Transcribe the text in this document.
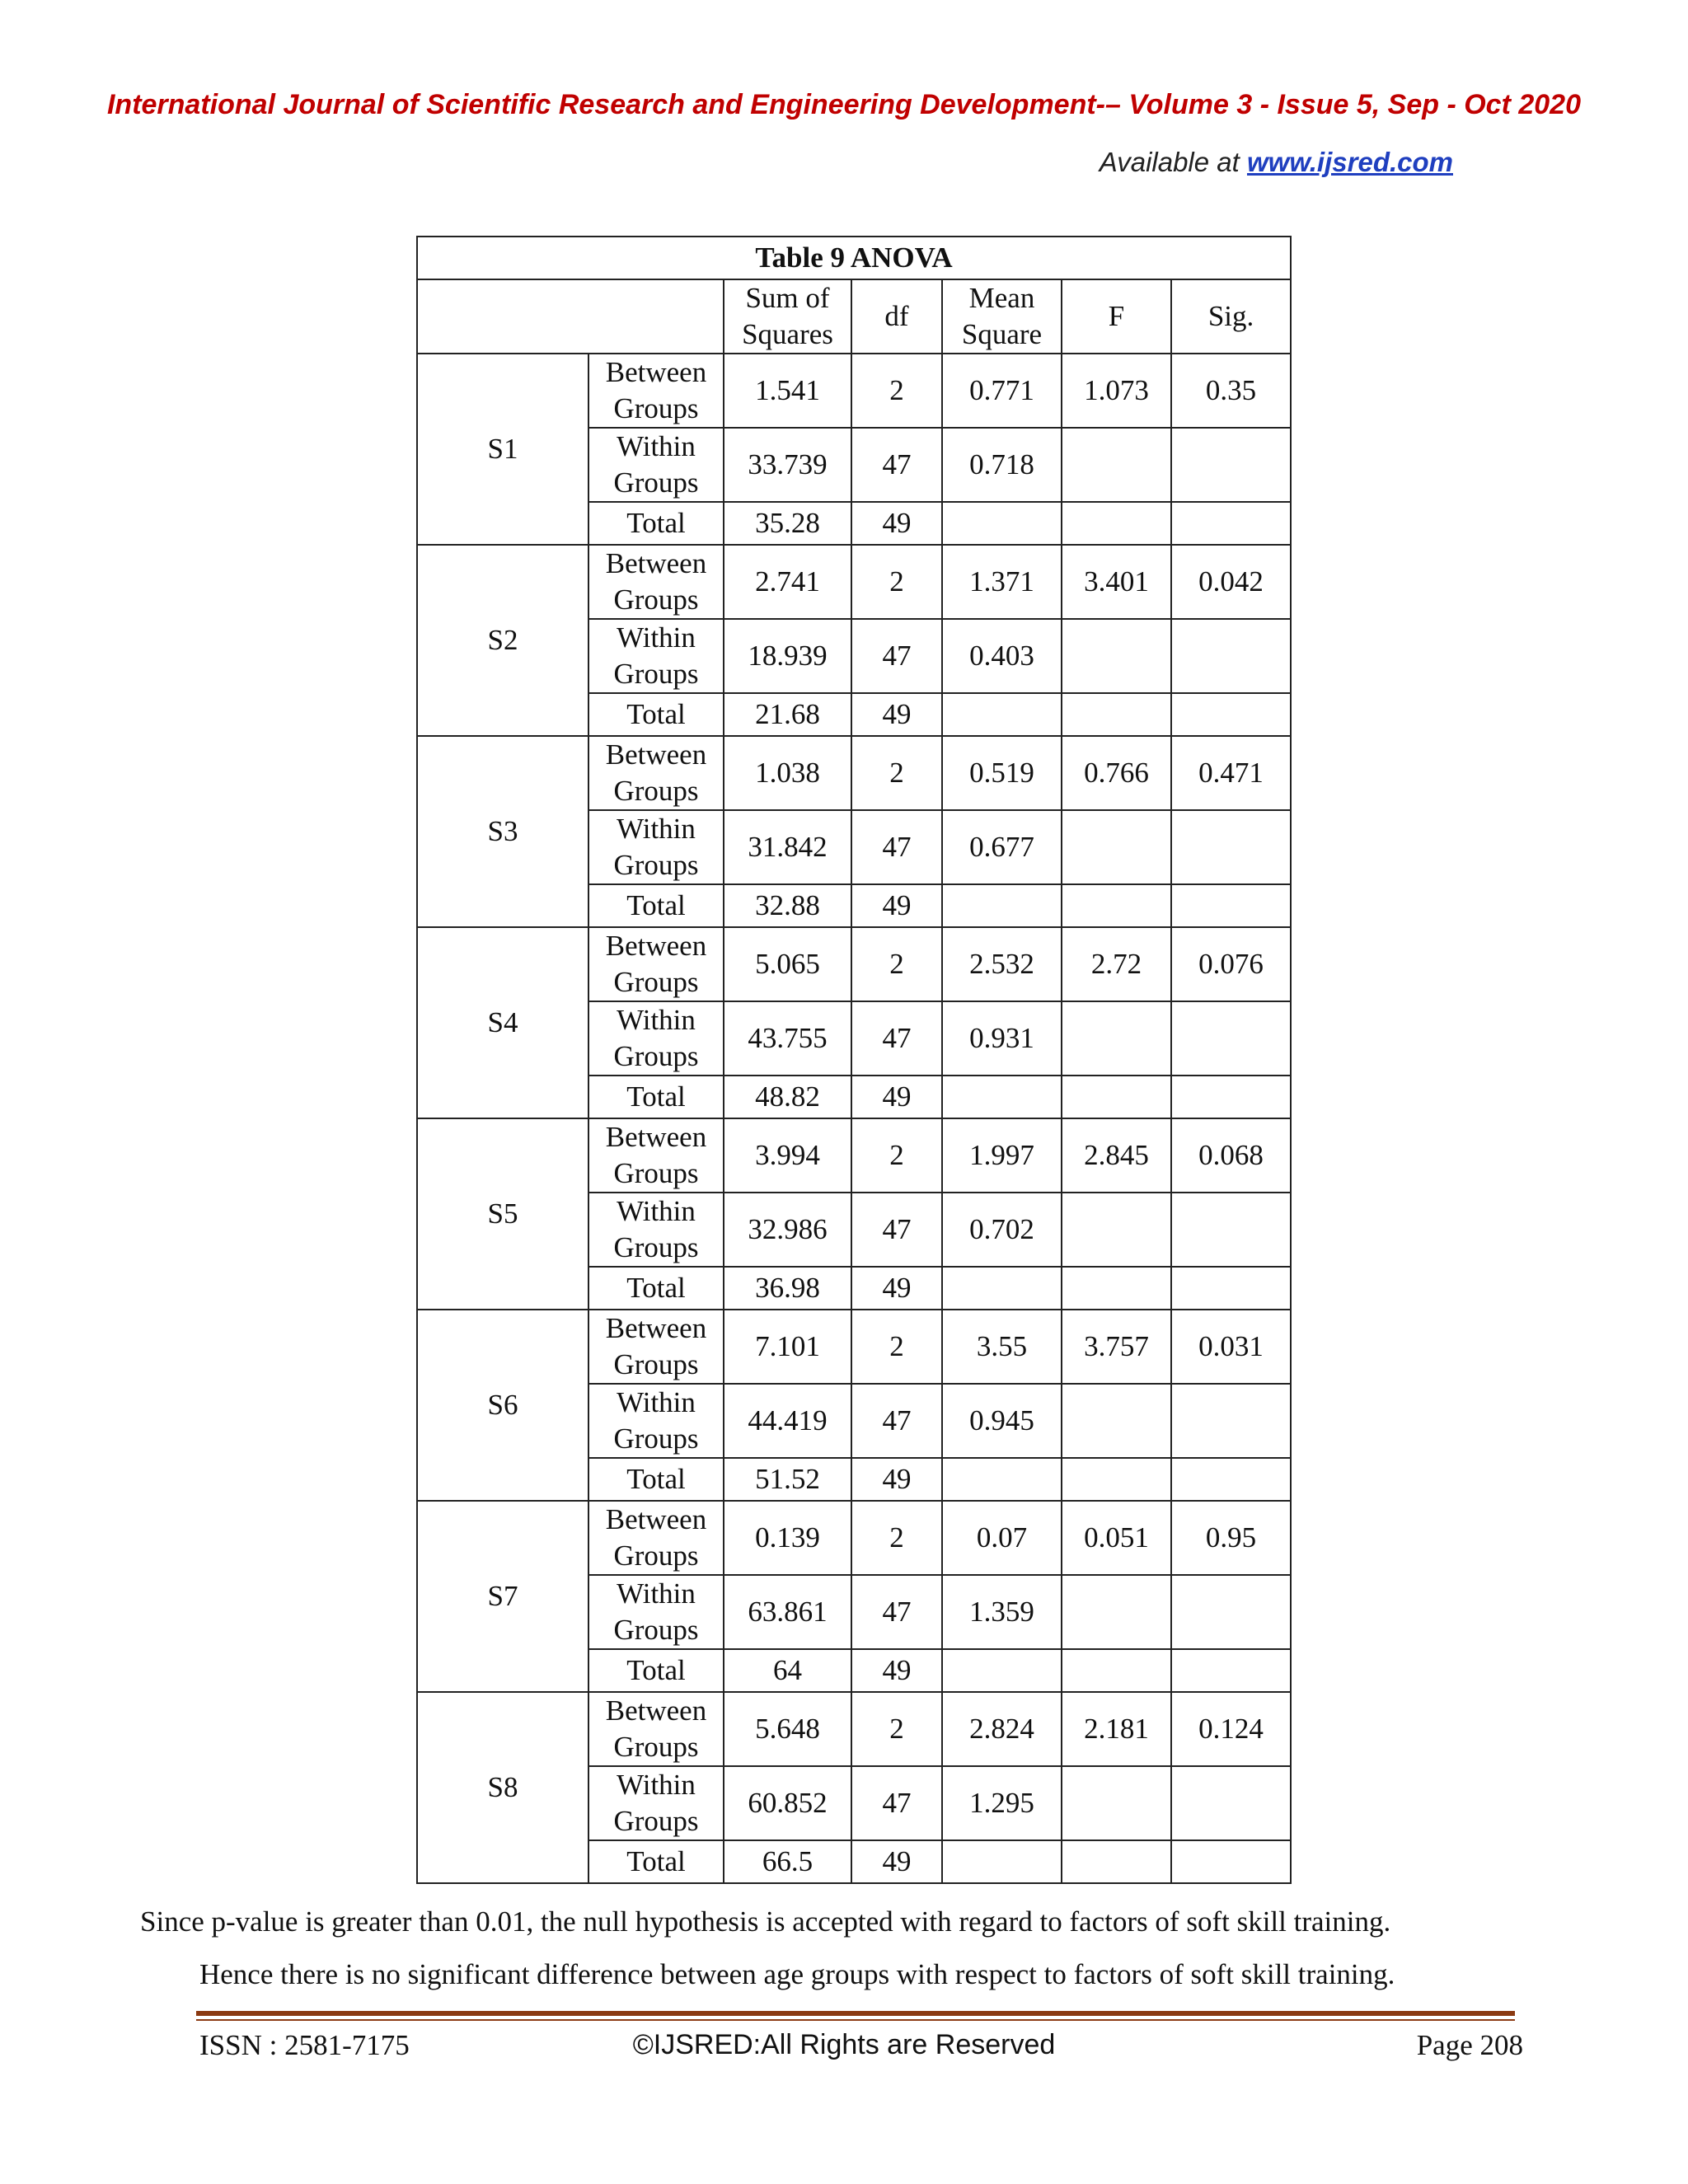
International Journal of Scientific Research and Engineering Development-– Volume 3 - Issue 5, Sep - Oct 2020
Available at www.ijsred.com
Table 9 ANOVA						
		Sum of Squares	df	Mean Square	F	Sig.
S1	Between Groups	1.541	2	0.771	1.073	0.35
	Within Groups	33.739	47	0.718		
	Total	35.28	49			
S2	Between Groups	2.741	2	1.371	3.401	0.042
	Within Groups	18.939	47	0.403		
	Total	21.68	49			
S3	Between Groups	1.038	2	0.519	0.766	0.471
	Within Groups	31.842	47	0.677		
	Total	32.88	49			
S4	Between Groups	5.065	2	2.532	2.72	0.076
	Within Groups	43.755	47	0.931		
	Total	48.82	49			
S5	Between Groups	3.994	2	1.997	2.845	0.068
	Within Groups	32.986	47	0.702		
	Total	36.98	49			
S6	Between Groups	7.101	2	3.55	3.757	0.031
	Within Groups	44.419	47	0.945		
	Total	51.52	49			
S7	Between Groups	0.139	2	0.07	0.051	0.95
	Within Groups	63.861	47	1.359		
	Total	64	49			
S8	Between Groups	5.648	2	2.824	2.181	0.124
	Within Groups	60.852	47	1.295		
	Total	66.5	49			
Since p-value is greater than 0.01, the null hypothesis is accepted with regard to factors of soft skill training.
Hence there is no significant difference between age groups with respect to factors of soft skill training.
ISSN : 2581-7175	©IJSRED:All Rights are Reserved	Page 208
